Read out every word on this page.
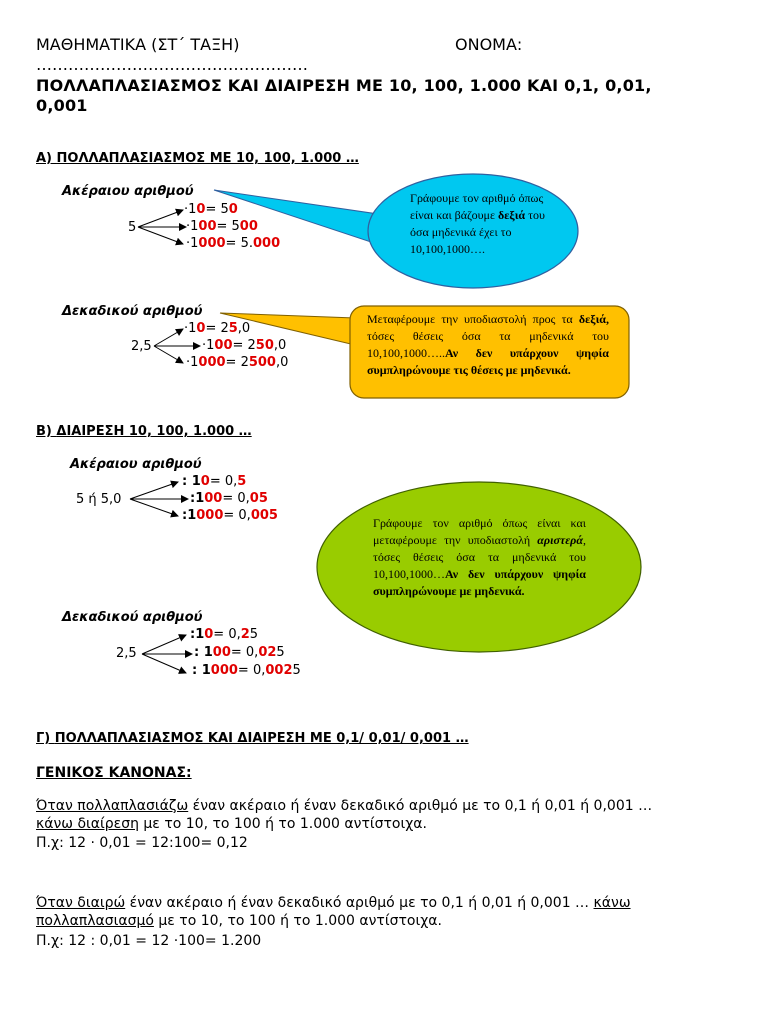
ΜΑΘΗΜΑΤΙΚΑ (ΣΤ΄ ΤΑΞΗ)	ΟΝΟΜΑ:
……………………………………………
ΠΟΛΛΑΠΛΑΣΙΑΣΜΟΣ ΚΑΙ ΔΙΑΙΡΕΣΗ ΜΕ 10, 100, 1.000 ΚΑΙ 0,1, 0,01,
0,001
Α) ΠΟΛΛΑΠΛΑΣΙΑΣΜΟΣ ΜΕ 10, 100, 1.000 …
Ακέραιου αριθμού
5
·10= 50
·100= 500
·1000= 5.000
Γράφουμε τον αριθμό όπως είναι και βάζουμε δεξιά του όσα μηδενικά έχει το 10,100,1000….
Δεκαδικού αριθμού
2,5
·10= 25,0
·100= 250,0
·1000= 2500,0
Μεταφέρουμε την υποδιαστολή προς τα δεξιά, τόσες θέσεις όσα τα μηδενικά του 10,100,1000…..Αν δεν υπάρχουν ψηφία συμπληρώνουμε τις θέσεις με μηδενικά.
Β) ΔΙΑΙΡΕΣΗ 10, 100, 1.000 …
Ακέραιου αριθμού
5 ή 5,0
: 10= 0,5
:100= 0,05
:1000= 0,005	Γράφουμε τον αριθμό όπως είναι και μεταφέρουμε την υποδιαστολή αριστερά, τόσες θέσεις όσα τα μηδενικά του 10,100,1000…Αν δεν υπάρχουν ψηφία συμπληρώνουμε με μηδενικά.
Δεκαδικού αριθμού
2,5
:10= 0,25
: 100= 0,025
: 1000= 0,0025
Γ) ΠΟΛΛΑΠΛΑΣΙΑΣΜΟΣ ΚΑΙ ΔΙΑΙΡΕΣΗ ΜΕ 0,1/ 0,01/ 0,001 …
ΓΕΝΙΚΟΣ ΚΑΝΟΝΑΣ:
Όταν πολλαπλασιάζω έναν ακέραιο ή έναν δεκαδικό αριθμό με το 0,1 ή 0,01 ή 0,001 …
κάνω διαίρεση με το 10, το 100 ή το 1.000 αντίστοιχα.
Π.χ: 12 · 0,01 = 12:100= 0,12
Όταν διαιρώ έναν ακέραιο ή έναν δεκαδικό αριθμό με το 0,1 ή 0,01 ή 0,001 … κάνω
πολλαπλασιασμό με το 10, το 100 ή το 1.000 αντίστοιχα.
Π.χ: 12 : 0,01 = 12 ·100= 1.200
